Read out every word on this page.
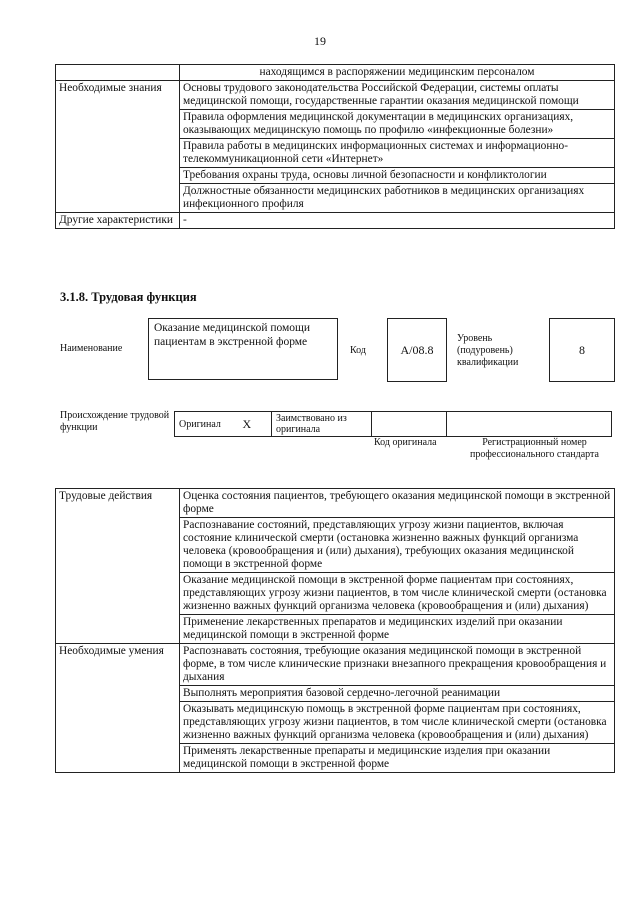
19
	находящимся в распоряжении медицинским персоналом
Необходимые знания	Основы трудового законодательства Российской Федерации, системы оплаты медицинской помощи, государственные гарантии оказания медицинской помощи
	Правила оформления медицинской документации в медицинских организациях, оказывающих медицинскую помощь по профилю «инфекционные болезни»
	Правила работы в медицинских информационных системах и информационно-телекоммуникационной сети «Интернет»
	Требования охраны труда, основы личной безопасности и конфликтологии
	Должностные обязанности медицинских работников в медицинских организациях инфекционного профиля
Другие характеристики	-
3.1.8. Трудовая функция
Наименование
Оказание медицинской помощи пациентам в экстренной форме
Код	A/08.8
Уровень (подуровень) квалификации
8
Происхождение трудовой функции	Оригинал	X	Заимствовано из оригинала		
Код оригинала	Регистрационный номер профессионального стандарта
Трудовые действия	Оценка состояния пациентов, требующего оказания медицинской помощи в экстренной форме
	Распознавание состояний, представляющих угрозу жизни пациентов, включая состояние клинической смерти (остановка жизненно важных функций организма человека (кровообращения и (или) дыхания), требующих оказания медицинской помощи в экстренной форме
	Оказание медицинской помощи в экстренной форме пациентам при состояниях, представляющих угрозу жизни пациентов, в том числе клинической смерти (остановка жизненно важных функций организма человека (кровообращения и (или) дыхания)
	Применение лекарственных препаратов и медицинских изделий при оказании медицинской помощи в экстренной форме
Необходимые умения	Распознавать состояния, требующие оказания медицинской помощи в экстренной форме, в том числе клинические признаки внезапного прекращения кровообращения и дыхания
	Выполнять мероприятия базовой сердечно-легочной реанимации
	Оказывать медицинскую помощь в экстренной форме пациентам при состояниях, представляющих угрозу жизни пациентов, в том числе клинической смерти (остановка жизненно важных функций организма человека (кровообращения и (или) дыхания)
	Применять лекарственные препараты и медицинские изделия при оказании медицинской помощи в экстренной форме
